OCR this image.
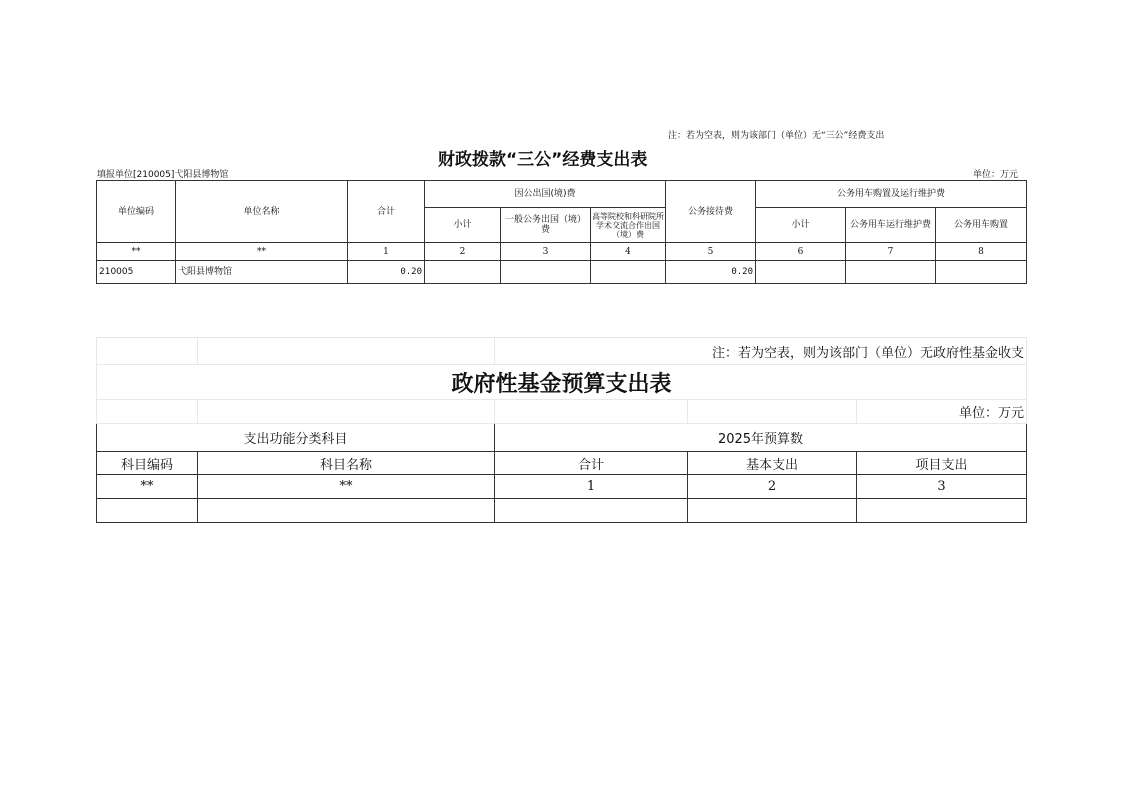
注：若为空表，则为该部门（单位）无“三公”经费支出
财政拨款“三公”经费支出表
填报单位[210005]弋阳县博物馆	单位：万元
单位编码	单位名称	合计	因公出国(境)费			公务接待费	公务用车购置及运行维护费		
			小计	一般公务出国（境）费	高等院校和科研院所学术交流合作出国（境）费		小计	公务用车运行维护费	公务用车购置
**	**	1	2	3	4	5	6	7	8
210005	弋阳县博物馆	0.20				0.20			
		注：若为空表，则为该部门（单位）无政府性基金收支		
政府性基金预算支出表				
				单位：万元
支出功能分类科目		2025年预算数		
科目编码	科目名称	合计	基本支出	项目支出
**	**	1	2	3
